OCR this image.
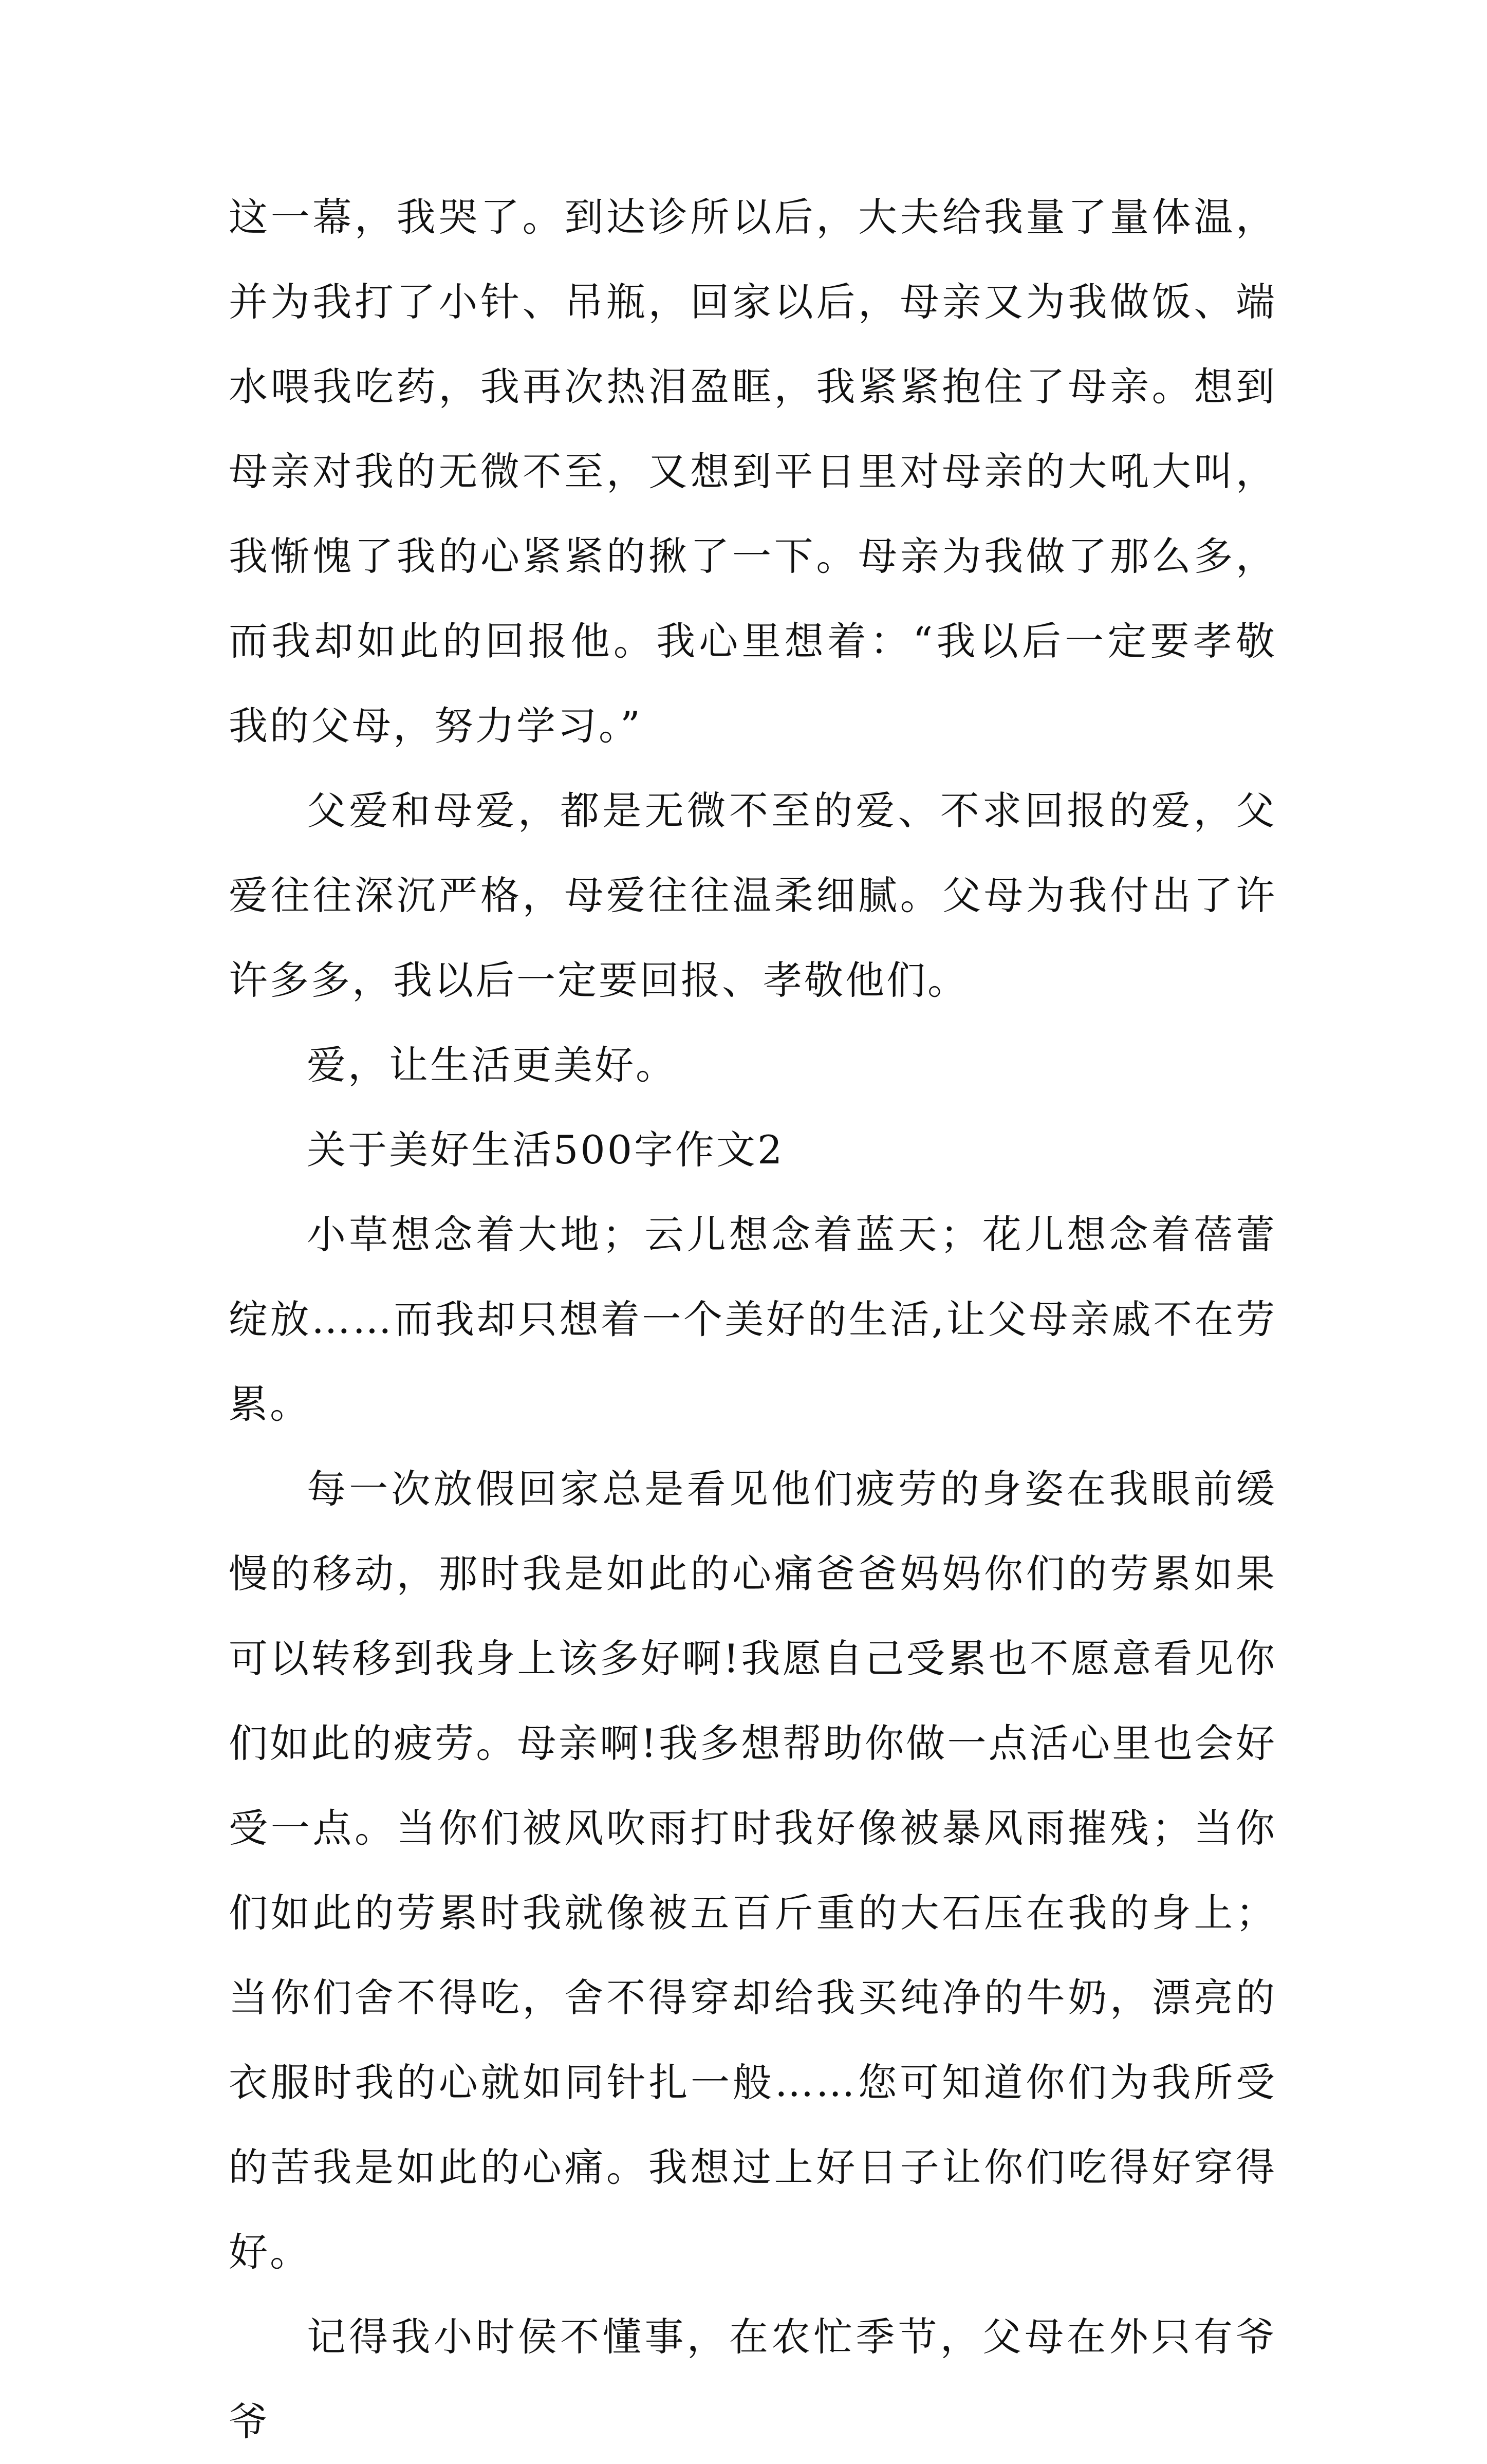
这一幕，我哭了。到达诊所以后，大夫给我量了量体温，并为我打了小针、吊瓶，回家以后，母亲又为我做饭、端水喂我吃药，我再次热泪盈眶，我紧紧抱住了母亲。想到母亲对我的无微不至，又想到平日里对母亲的大吼大叫，我惭愧了我的心紧紧的揪了一下。母亲为我做了那么多，而我却如此的回报他。我心里想着：“我以后一定要孝敬我的父母，努力学习。”

父爱和母爱，都是无微不至的爱、不求回报的爱，父爱往往深沉严格，母爱往往温柔细腻。父母为我付出了许许多多，我以后一定要回报、孝敬他们。

爱，让生活更美好。

关于美好生活500字作文2

小草想念着大地；云儿想念着蓝天；花儿想念着蓓蕾绽放……而我却只想着一个美好的生活,让父母亲戚不在劳累。

每一次放假回家总是看见他们疲劳的身姿在我眼前缓慢的移动，那时我是如此的心痛爸爸妈妈你们的劳累如果可以转移到我身上该多好啊!我愿自己受累也不愿意看见你们如此的疲劳。母亲啊!我多想帮助你做一点活心里也会好受一点。当你们被风吹雨打时我好像被暴风雨摧残；当你们如此的劳累时我就像被五百斤重的大石压在我的身上；当你们舍不得吃，舍不得穿却给我买纯净的牛奶，漂亮的衣服时我的心就如同针扎一般……您可知道你们为我所受的苦我是如此的心痛。我想过上好日子让你们吃得好穿得好。

记得我小时侯不懂事，在农忙季节，父母在外只有爷爷
